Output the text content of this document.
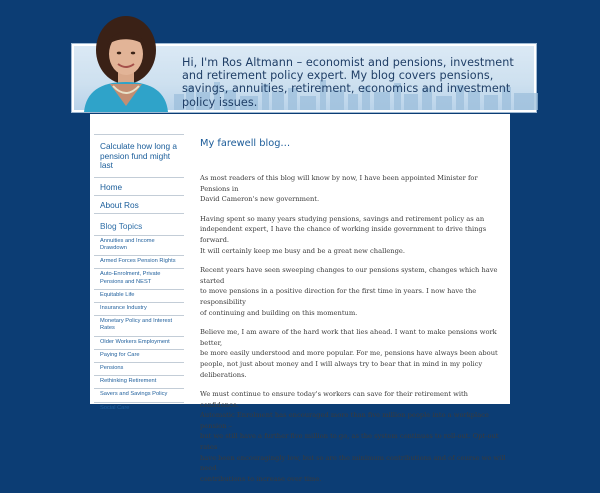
Hi, I'm Ros Altmann – economist and pensions, investment and retirement policy expert. My blog covers pensions, savings, annuities, retirement, economics and investment policy issues.
Calculate how long a pension fund might last
Home
About Ros
Blog Topics
Annuities and Income Drawdown
Armed Forces Pension Rights
Auto-Enrolment, Private Pensions and NEST
Equitable Life
Insurance Industry
Monetary Policy and Interest Rates
Older Workers Employment
Paying for Care
Pensions
Rethinking Retirement
Savers and Savings Policy
Social Care
My farewell blog…

As most readers of this blog will know by now, I have been appointed Minister for Pensions in
David Cameron's new government.

Having spent so many years studying pensions, savings and retirement policy as an
independent expert, I have the chance of working inside government to drive things forward.
It will certainly keep me busy and be a great new challenge.

Recent years have seen sweeping changes to our pensions system, changes which have started
to move pensions in a positive direction for the first time in years. I now have the responsibility
of continuing and building on this momentum.

Believe me, I am aware of the hard work that lies ahead. I want to make pensions work better,
be more easily understood and more popular. For me, pensions have always been about
people, not just about money and I will always try to bear that in mind in my policy
deliberations.

We must continue to ensure today's workers can save for their retirement with confidence.
Automatic Enrolment has encouraged more than five million people into a workplace pension –
but we still have a further five million to go, as the system continues to roll-out. Opt-out rates
have been encouragingly low, but so are the minimum contributions and of course we will need
contributions to increase over time.
